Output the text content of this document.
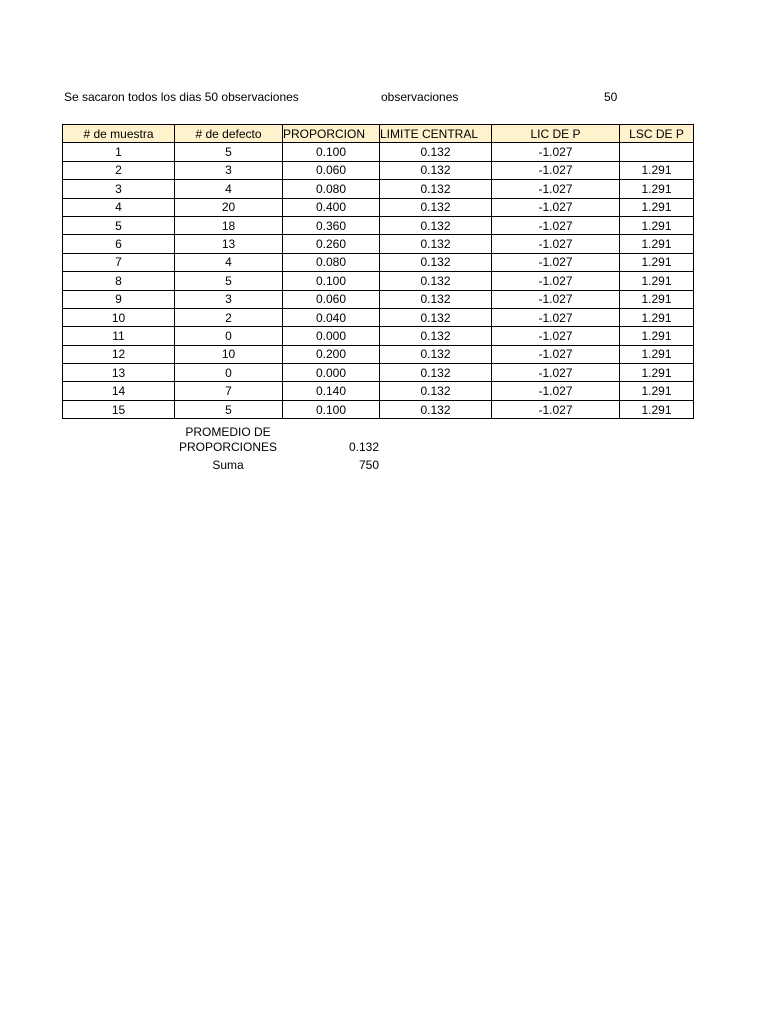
Se sacaron todos los dias 50 observaciones	observaciones	50
# de muestra	# de defecto	PROPORCION	LIMITE CENTRAL	LIC DE P	LSC DE P
1	5	0.100	0.132	-1.027	
2	3	0.060	0.132	-1.027	1.291
3	4	0.080	0.132	-1.027	1.291
4	20	0.400	0.132	-1.027	1.291
5	18	0.360	0.132	-1.027	1.291
6	13	0.260	0.132	-1.027	1.291
7	4	0.080	0.132	-1.027	1.291
8	5	0.100	0.132	-1.027	1.291
9	3	0.060	0.132	-1.027	1.291
10	2	0.040	0.132	-1.027	1.291
11	0	0.000	0.132	-1.027	1.291
12	10	0.200	0.132	-1.027	1.291
13	0	0.000	0.132	-1.027	1.291
14	7	0.140	0.132	-1.027	1.291
15	5	0.100	0.132	-1.027	1.291
PROMEDIO DE PROPORCIONES	0.132
Suma	750
